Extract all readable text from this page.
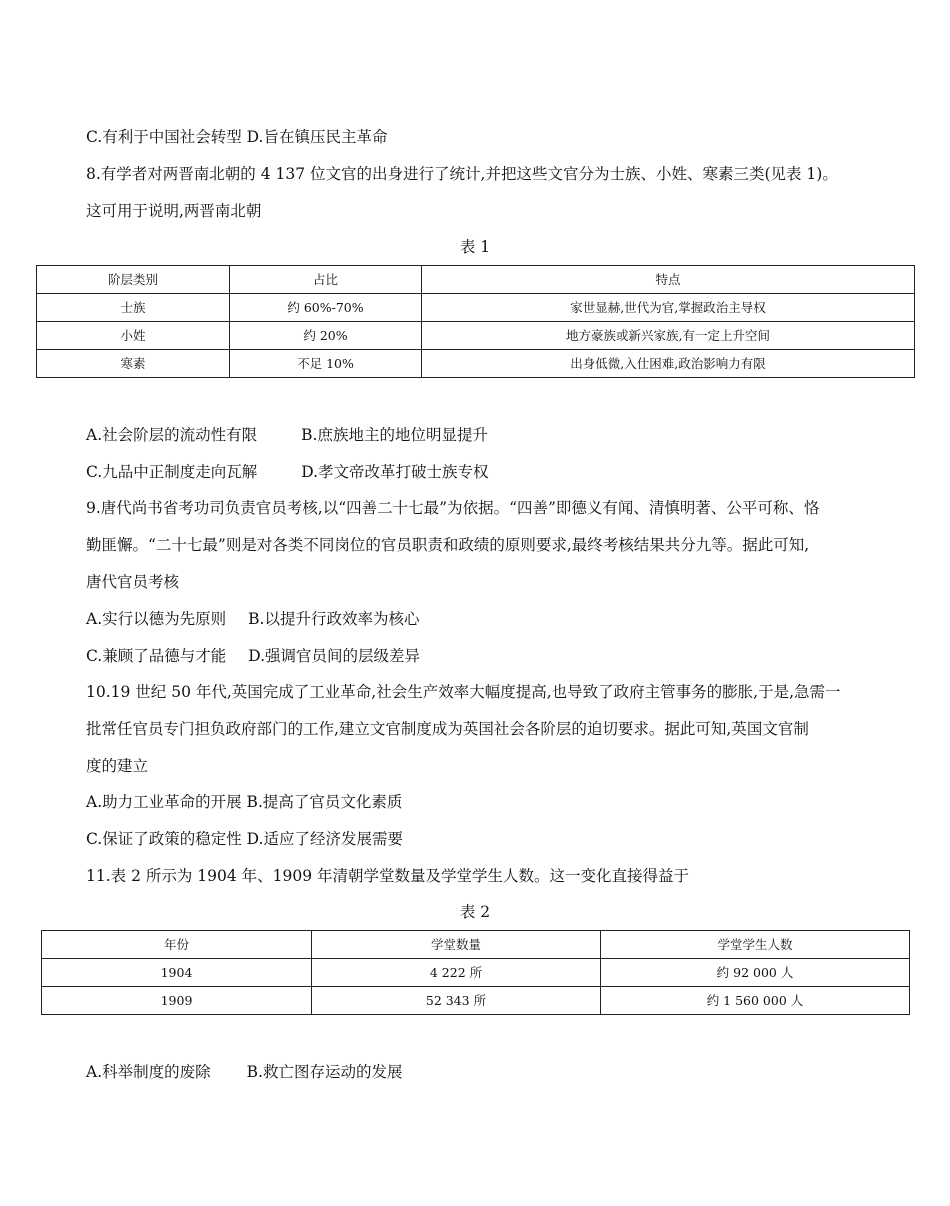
C.有利于中国社会转型 D.旨在镇压民主革命
8.有学者对两晋南北朝的 4 137 位文官的出身进行了统计,并把这些文官分为士族、小姓、寒素三类(见表 1)。
这可用于说明,两晋南北朝
表 1
阶层类别	占比	特点
士族	约 60%-70%	家世显赫,世代为官,掌握政治主导权
小姓	约 20%	地方豪族或新兴家族,有一定上升空间
寒素	不足 10%	出身低微,入仕困难,政治影响力有限
A.社会阶层的流动性有限	B.庶族地主的地位明显提升
C.九品中正制度走向瓦解	D.孝文帝改革打破士族专权
9.唐代尚书省考功司负责官员考核,以“四善二十七最”为依据。“四善”即德义有闻、清慎明著、公平可称、恪
勤匪懈。“二十七最”则是对各类不同岗位的官员职责和政绩的原则要求,最终考核结果共分九等。据此可知,
唐代官员考核
A.实行以德为先原则 B.以提升行政效率为核心
C.兼顾了品德与才能 D.强调官员间的层级差异
10.19 世纪 50 年代,英国完成了工业革命,社会生产效率大幅度提高,也导致了政府主管事务的膨胀,于是,急需一
批常任官员专门担负政府部门的工作,建立文官制度成为英国社会各阶层的迫切要求。据此可知,英国文官制
度的建立
A.助力工业革命的开展 B.提高了官员文化素质
C.保证了政策的稳定性 D.适应了经济发展需要
11.表 2 所示为 1904 年、1909 年清朝学堂数量及学堂学生人数。这一变化直接得益于
表 2
年份	学堂数量	学堂学生人数
1904	4 222 所	约 92 000 人
1909	52 343 所	约 1 560 000 人
A.科举制度的废除 B.救亡图存运动的发展
